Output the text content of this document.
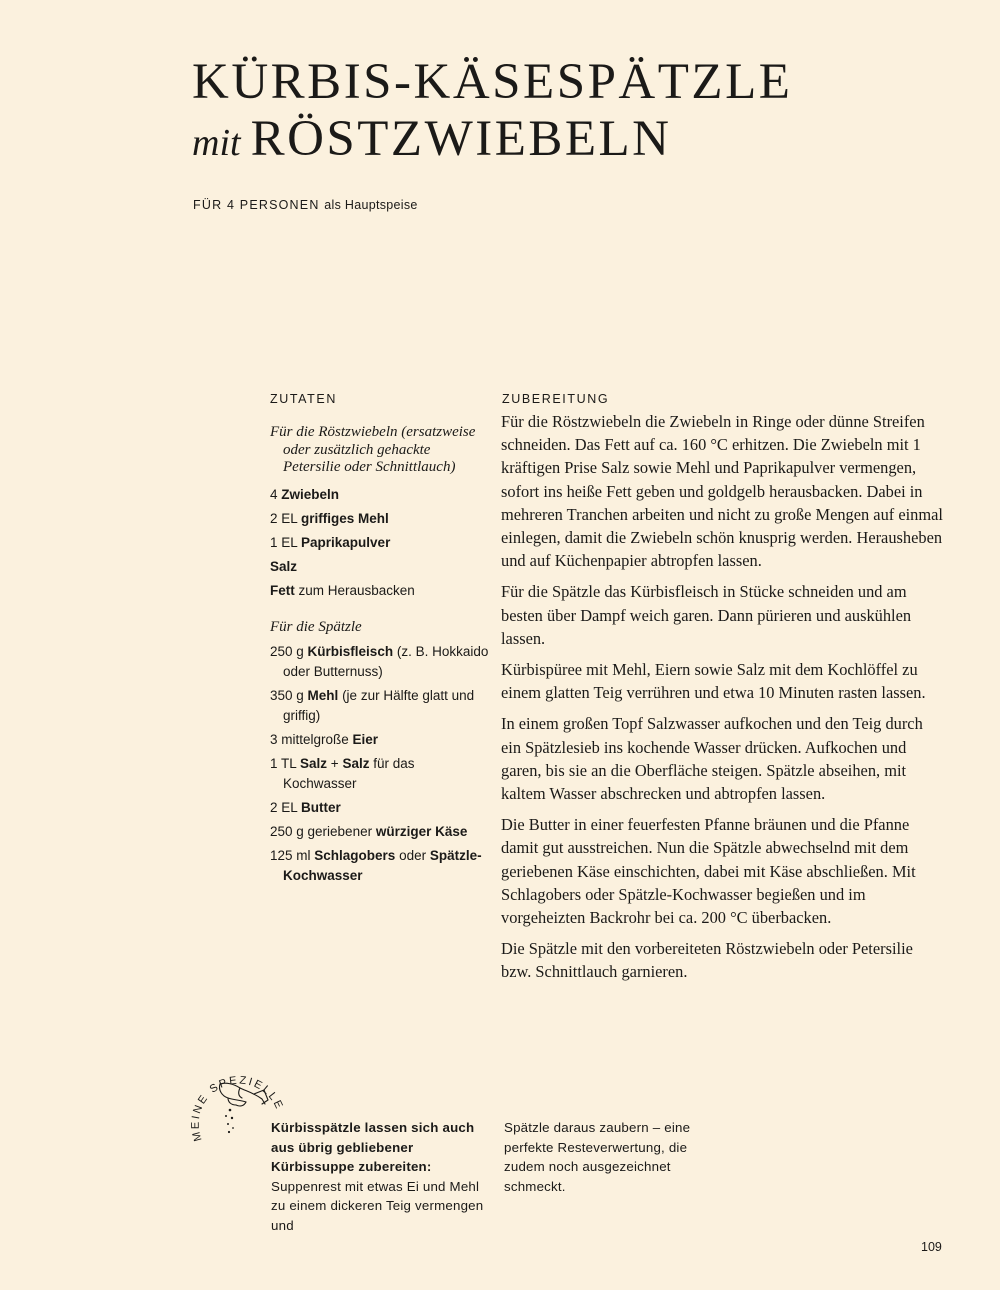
KÜRBIS-KÄSESPÄTZLE
mit RÖSTZWIEBELN
FÜR 4 PERSONEN als Hauptspeise
ZUTATEN
Für die Röstzwiebeln (ersatzweise oder zusätzlich gehackte Petersilie oder Schnittlauch)
4 Zwiebeln
2 EL griffiges Mehl
1 EL Paprikapulver
Salz
Fett zum Herausbacken
Für die Spätzle
250 g Kürbisfleisch (z. B. Hokkaido oder Butternuss)
350 g Mehl (je zur Hälfte glatt und griffig)
3 mittelgroße Eier
1 TL Salz + Salz für das Kochwasser
2 EL Butter
250 g geriebener würziger Käse
125 ml Schlagobers oder Spätzle-Kochwasser
ZUBEREITUNG

Für die Röstzwiebeln die Zwiebeln in Ringe oder dünne Streifen schneiden. Das Fett auf ca. 160 °C erhitzen. Die Zwiebeln mit 1 kräftigen Prise Salz sowie Mehl und Paprikapulver vermengen, sofort ins heiße Fett geben und goldgelb herausbacken. Dabei in mehreren Tranchen arbeiten und nicht zu große Mengen auf einmal einlegen, damit die Zwiebeln schön knusprig werden. Herausheben und auf Küchenpapier abtropfen lassen.

Für die Spätzle das Kürbisfleisch in Stücke schneiden und am besten über Dampf weich garen. Dann pürieren und auskühlen lassen.

Kürbispüree mit Mehl, Eiern sowie Salz mit dem Kochlöffel zu einem glatten Teig verrühren und etwa 10 Minuten rasten lassen.

In einem großen Topf Salzwasser aufkochen und den Teig durch ein Spätzlesieb ins kochende Wasser drücken. Aufkochen und garen, bis sie an die Oberfläche steigen. Spätzle abseihen, mit kaltem Wasser abschrecken und abtropfen lassen.

Die Butter in einer feuerfesten Pfanne bräunen und die Pfanne damit gut ausstreichen. Nun die Spätzle abwechselnd mit dem geriebenen Käse einschichten, dabei mit Käse abschließen. Mit Schlagobers oder Spätzle-Kochwasser begießen und im vorgeheizten Backrohr bei ca. 200 °C überbacken.

Die Spätzle mit den vorbereiteten Röstzwiebeln oder Petersilie bzw. Schnittlauch garnieren.

MEINE SPEZIELLE
Kürbisspätzle lassen sich auch aus übrig gebliebener Kürbissuppe zubereiten: Suppenrest mit etwas Ei und Mehl zu einem dickeren Teig vermengen und
Spätzle daraus zaubern – eine perfekte Resteverwertung, die zudem noch ausgezeichnet schmeckt.
109
